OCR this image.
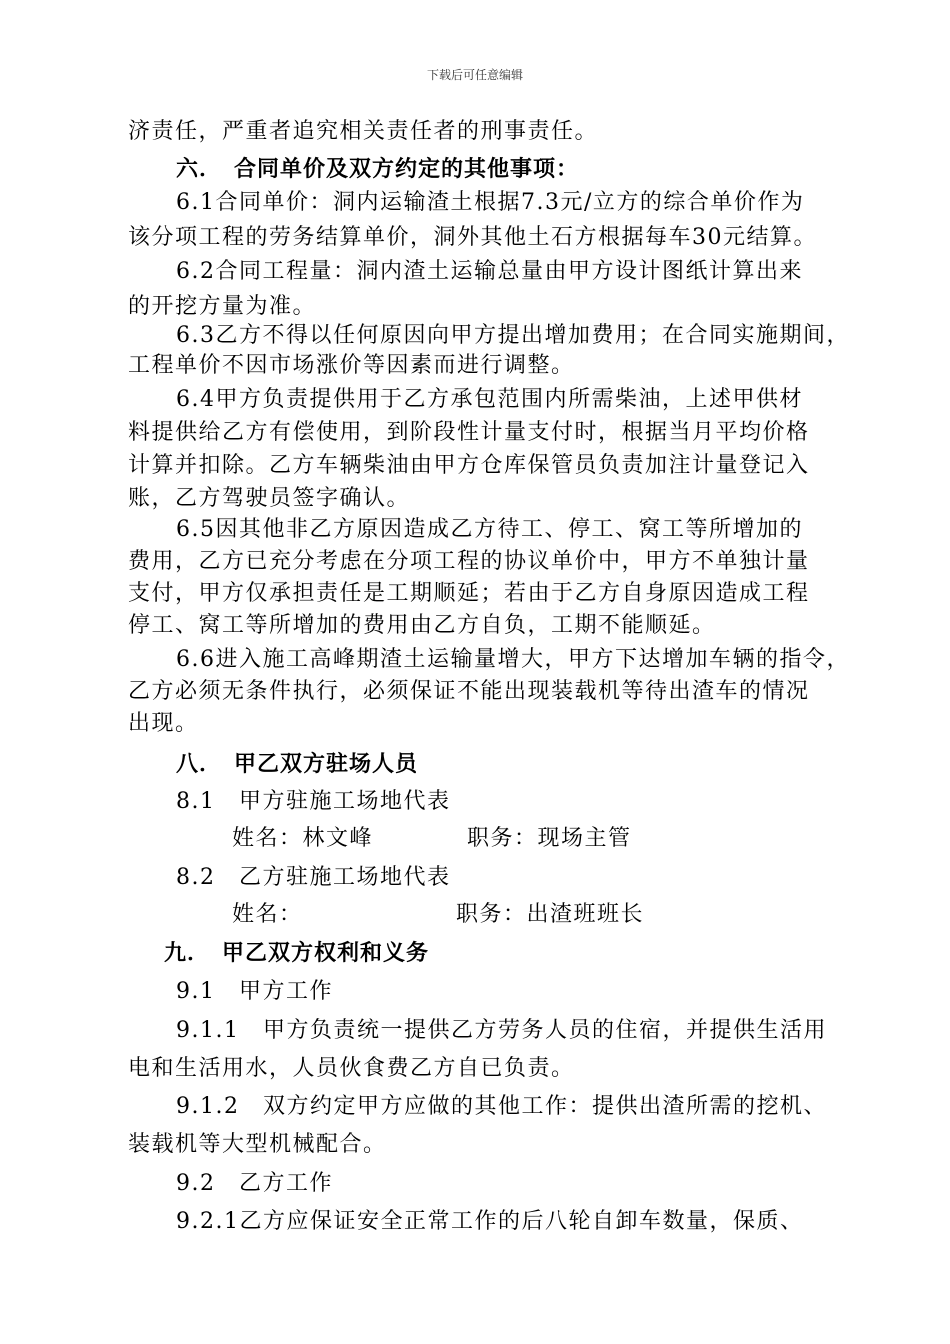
下载后可任意编辑
济责任，严重者追究相关责任者的刑事责任。
六．　合同单价及双方约定的其他事项：
6.1合同单价：洞内运输渣土根据7.3元/立方的综合单价作为
该分项工程的劳务结算单价，洞外其他土石方根据每车30元结算。
6.2合同工程量：洞内渣土运输总量由甲方设计图纸计算出来
的开挖方量为准。
6.3乙方不得以任何原因向甲方提出增加费用；在合同实施期间，
工程单价不因市场涨价等因素而进行调整。
6.4甲方负责提供用于乙方承包范围内所需柴油，上述甲供材
料提供给乙方有偿使用，到阶段性计量支付时，根据当月平均价格
计算并扣除。乙方车辆柴油由甲方仓库保管员负责加注计量登记入
账，乙方驾驶员签字确认。
6.5因其他非乙方原因造成乙方待工、停工、窝工等所增加的
费用，乙方已充分考虑在分项工程的协议单价中，甲方不单独计量
支付，甲方仅承担责任是工期顺延；若由于乙方自身原因造成工程
停工、窝工等所增加的费用由乙方自负，工期不能顺延。
6.6进入施工高峰期渣土运输量增大，甲方下达增加车辆的指令，
乙方必须无条件执行，必须保证不能出现装载机等待出渣车的情况
出现。
八．　甲乙双方驻场人员
8.1　甲方驻施工场地代表
姓名：林文峰　　　　职务：现场主管
8.2　乙方驻施工场地代表
姓名：　　　　　　　职务：出渣班班长
九．　甲乙双方权利和义务
9.1　甲方工作
9.1.1　甲方负责统一提供乙方劳务人员的住宿，并提供生活用
电和生活用水，人员伙食费乙方自已负责。
9.1.2　双方约定甲方应做的其他工作：提供出渣所需的挖机、
装载机等大型机械配合。
9.2　乙方工作
9.2.1乙方应保证安全正常工作的后八轮自卸车数量，保质、
